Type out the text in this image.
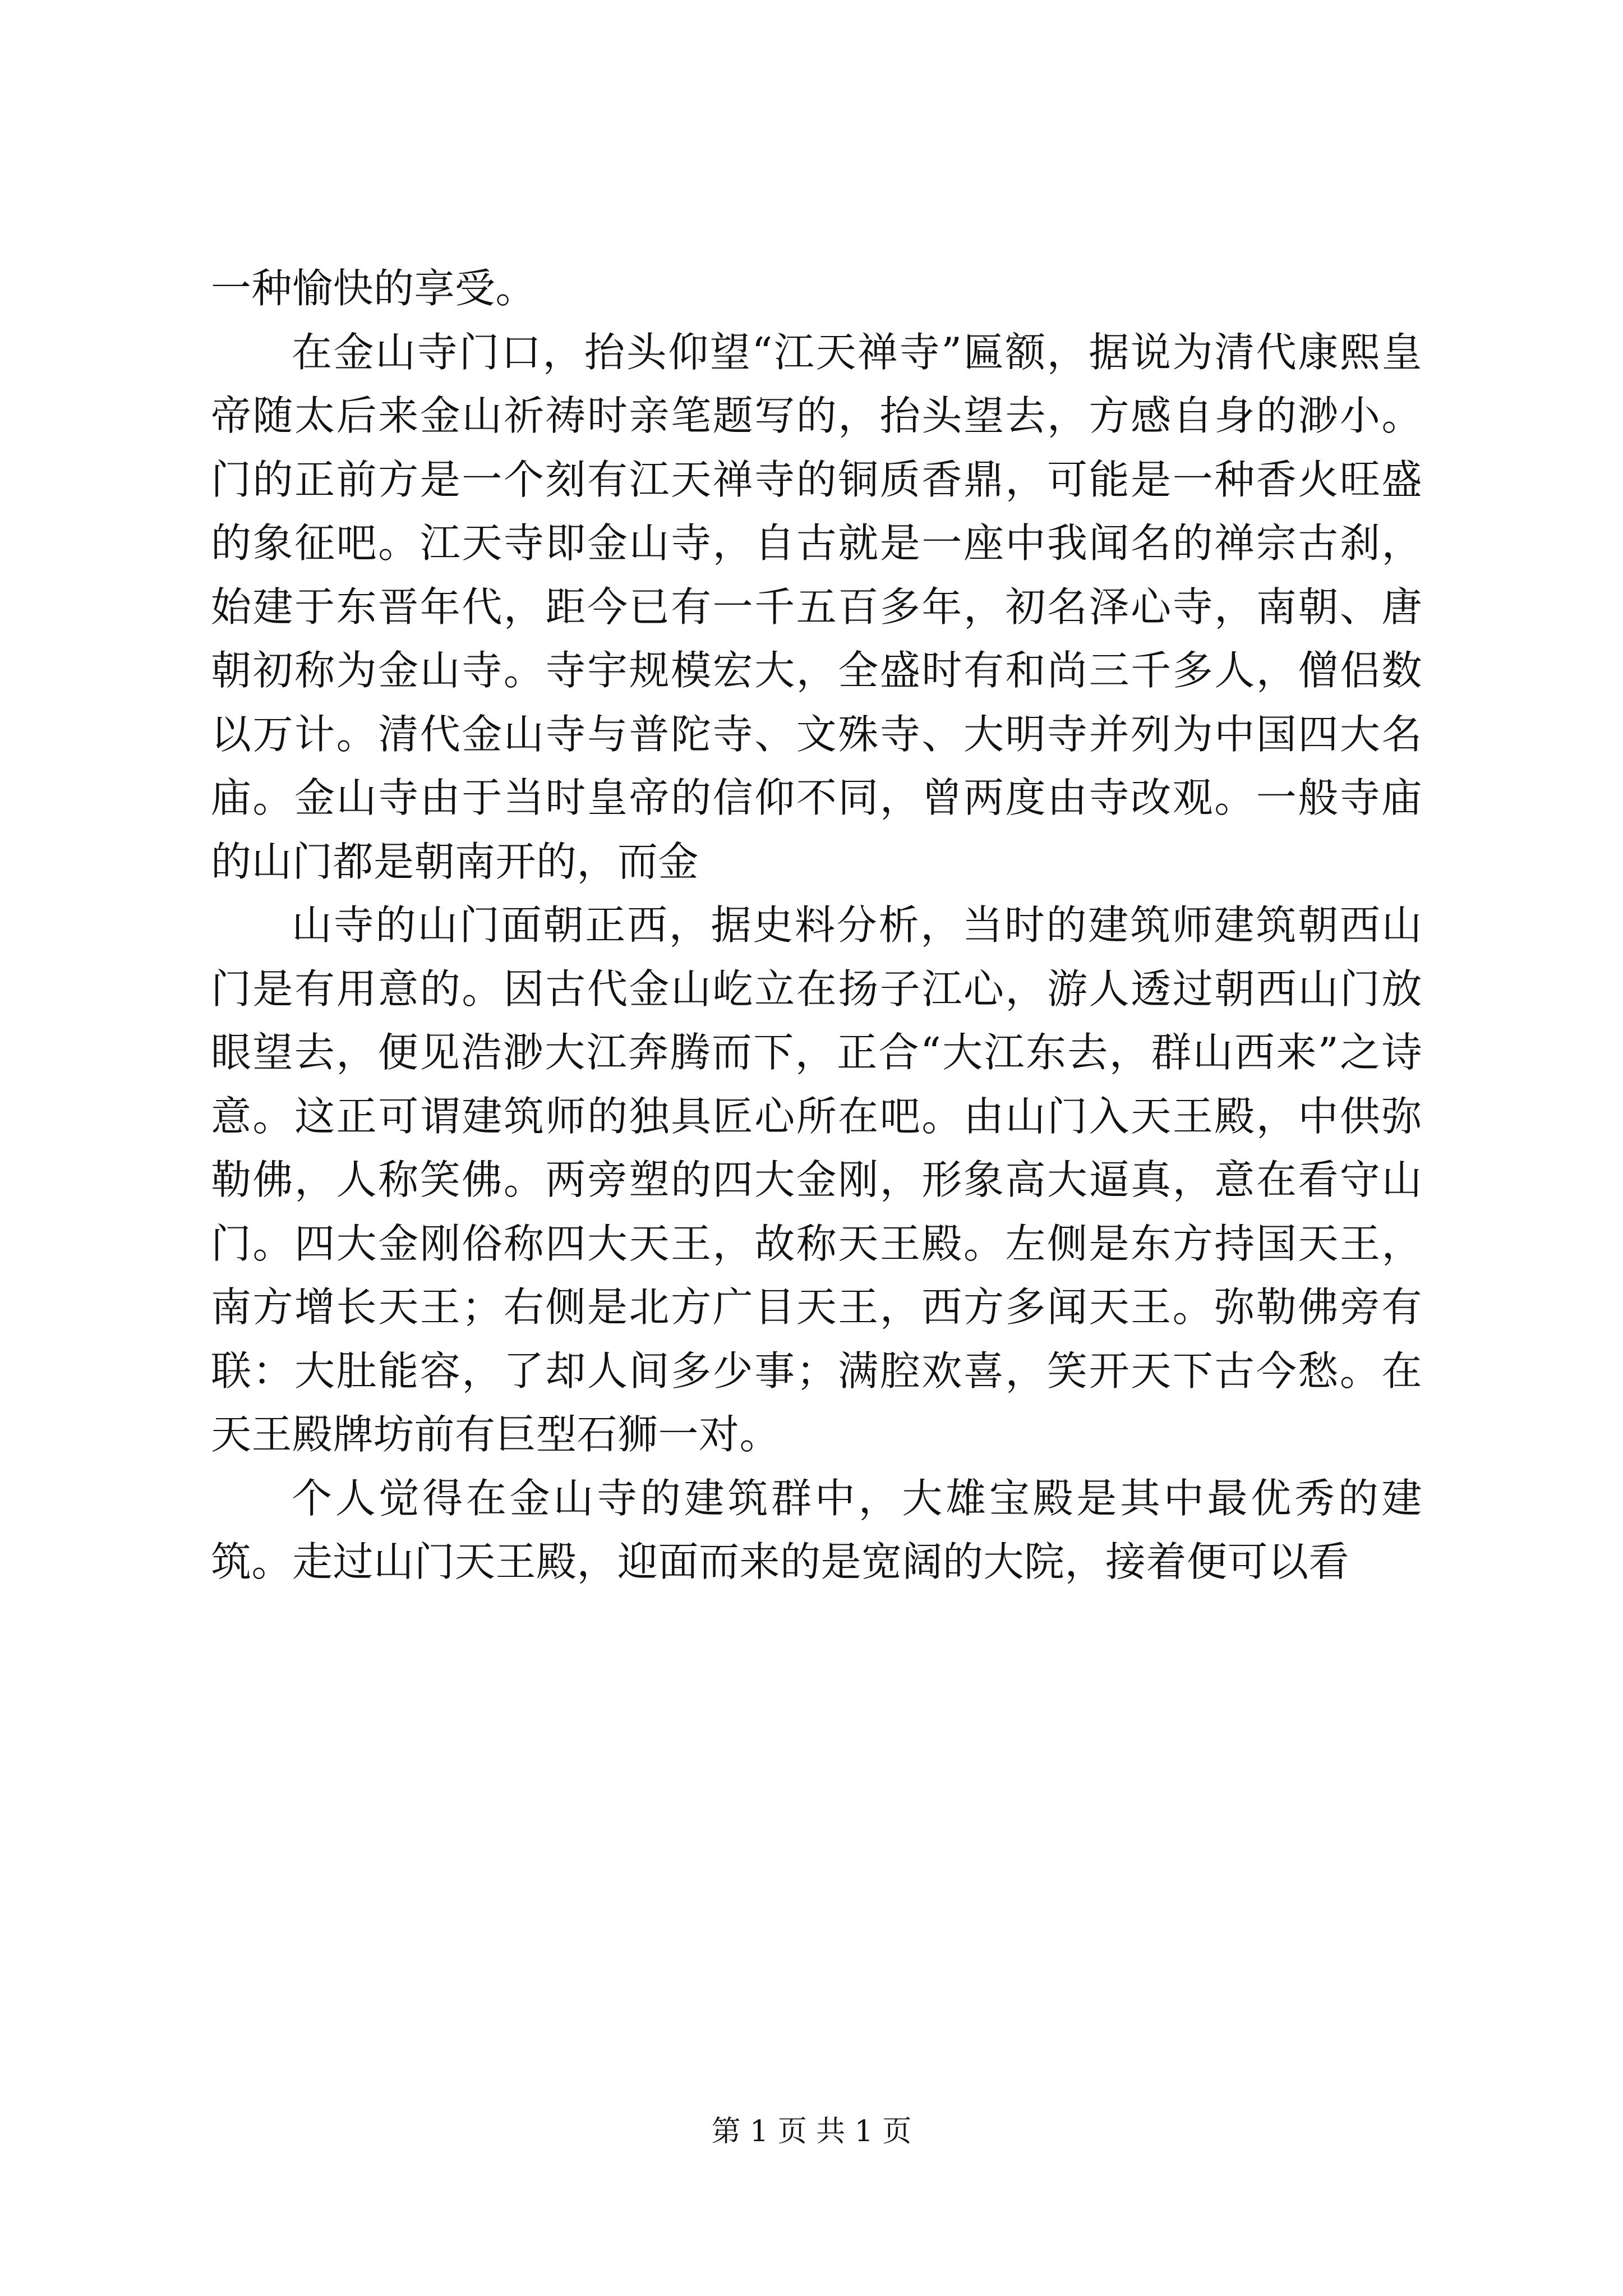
一种愉快的享受。

在金山寺门口，抬头仰望“江天禅寺”匾额，据说为清代康熙皇帝随太后来金山祈祷时亲笔题写的，抬头望去，方感自身的渺小。门的正前方是一个刻有江天禅寺的铜质香鼎，可能是一种香火旺盛的象征吧。江天寺即金山寺，自古就是一座中我闻名的禅宗古刹，始建于东晋年代，距今已有一千五百多年，初名泽心寺，南朝、唐朝初称为金山寺。寺宇规模宏大，全盛时有和尚三千多人，僧侣数以万计。清代金山寺与普陀寺、文殊寺、大明寺并列为中国四大名庙。金山寺由于当时皇帝的信仰不同，曾两度由寺改观。一般寺庙的山门都是朝南开的，而金

山寺的山门面朝正西，据史料分析，当时的建筑师建筑朝西山门是有用意的。因古代金山屹立在扬子江心，游人透过朝西山门放眼望去，便见浩渺大江奔腾而下，正合“大江东去，群山西来”之诗意。这正可谓建筑师的独具匠心所在吧。由山门入天王殿，中供弥勒佛，人称笑佛。两旁塑的四大金刚，形象高大逼真，意在看守山门。四大金刚俗称四大天王，故称天王殿。左侧是东方持国天王，南方增长天王；右侧是北方广目天王，西方多闻天王。弥勒佛旁有联：大肚能容，了却人间多少事；满腔欢喜，笑开天下古今愁。在天王殿牌坊前有巨型石狮一对。

个人觉得在金山寺的建筑群中，大雄宝殿是其中最优秀的建筑。走过山门天王殿，迎面而来的是宽阔的大院，接着便可以看

第 1 页 共 1 页
